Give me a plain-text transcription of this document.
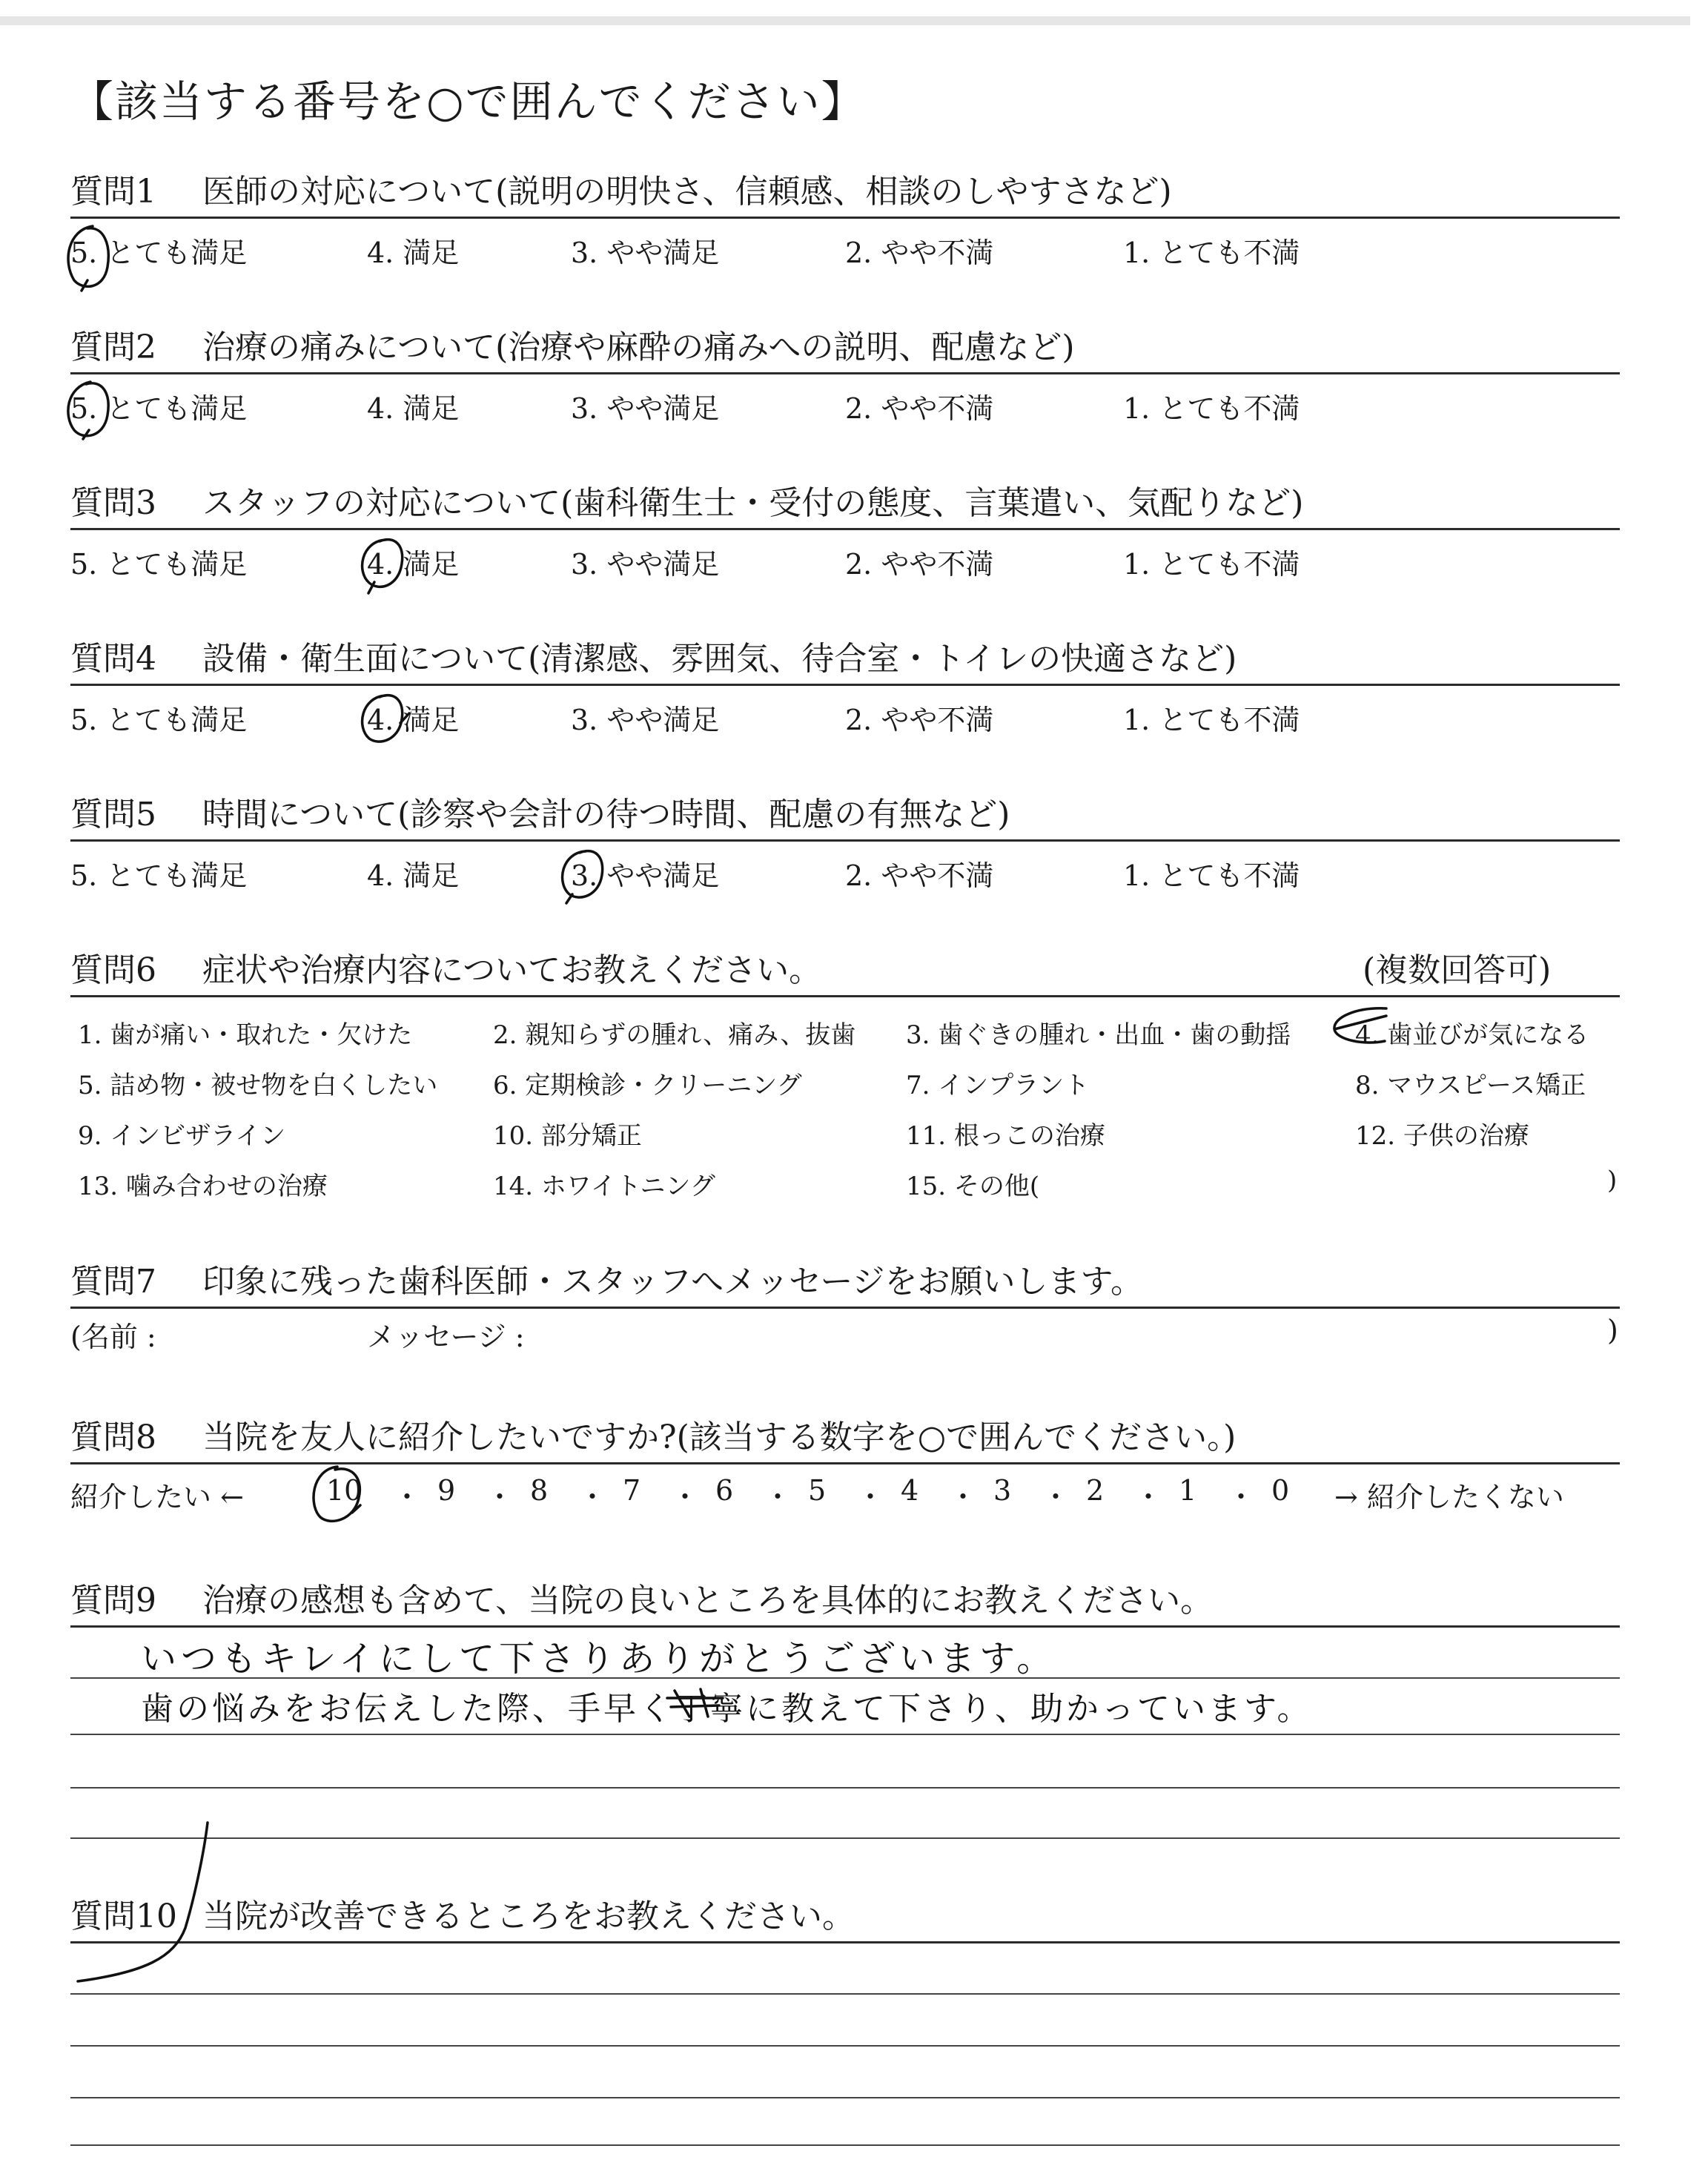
【該当する番号を○で囲んでください】
質問1 医師の対応について(説明の明快さ、信頼感、相談のしやすさなど)
5. とても満足	4. 満足	3. やや満足	2. やや不満	1. とても不満
質問2 治療の痛みについて(治療や麻酔の痛みへの説明、配慮など)
5. とても満足	4. 満足	3. やや満足	2. やや不満	1. とても不満
質問3 スタッフの対応について(歯科衛生士・受付の態度、言葉遣い、気配りなど)
5. とても満足	4. 満足	3. やや満足	2. やや不満	1. とても不満
質問4 設備・衛生面について(清潔感、雰囲気、待合室・トイレの快適さなど)
5. とても満足	4. 満足	3. やや満足	2. やや不満	1. とても不満
質問5 時間について(診察や会計の待つ時間、配慮の有無など)
5. とても満足	4. 満足	3. やや満足	2. やや不満	1. とても不満
質問6 症状や治療内容についてお教えください。	(複数回答可)
1. 歯が痛い・取れた・欠けた	2. 親知らずの腫れ、痛み、抜歯 3. 歯ぐきの腫れ・出血・歯の動揺	4. 歯並びが気になる
5. 詰め物・被せ物を白くしたい 6. 定期検診・クリーニング	7. インプラント	8. マウスピース矯正
9. インビザライン	10. 部分矯正	11. 根っこの治療	12. 子供の治療
13. 噛み合わせの治療	14. ホワイトニング	15. その他(	)
質問7 印象に残った歯科医師・スタッフへメッセージをお願いします。
(名前 :	メッセージ :	)
質問8 当院を友人に紹介したいですか?(該当する数字を○で囲んでください。)
紹介したい ←	→ 紹介したくない
10 ・ 9 ・ 8 ・ 7 ・ 6 ・ 5 ・ 4 ・ 3 ・ 2 ・ 1 ・ 0
質問9 治療の感想も含めて、当院の良いところを具体的にお教えください。
いつもキレイにして下さりありがとうございます。
歯の悩みをお伝えした際、手早く丁寧に教えて下さり、助かっています。
質問10 当院が改善できるところをお教えください。
